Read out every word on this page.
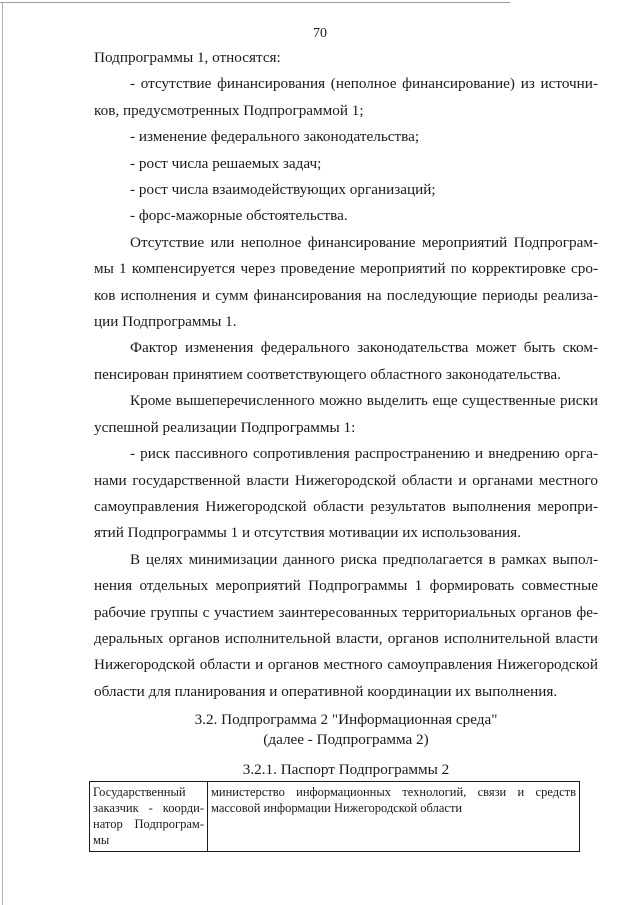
70

Подпрограммы 1, относятся:

- отсутствие финансирования (неполное финансирование) из источников, предусмотренных Подпрограммой 1;

- изменение федерального законодательства;

- рост числа решаемых задач;

- рост числа взаимодействующих организаций;

- форс-мажорные обстоятельства.

Отсутствие или неполное финансирование мероприятий Подпрограммы 1 компенсируется через проведение мероприятий по корректировке сроков исполнения и сумм финансирования на последующие периоды реализации Подпрограммы 1.

Фактор изменения федерального законодательства может быть скомпенсирован принятием соответствующего областного законодательства.

Кроме вышеперечисленного можно выделить еще существенные риски успешной реализации Подпрограммы 1:

- риск пассивного сопротивления распространению и внедрению органами государственной власти Нижегородской области и органами местного самоуправления Нижегородской области результатов выполнения мероприятий Подпрограммы 1 и отсутствия мотивации их использования.

В целях минимизации данного риска предполагается в рамках выполнения отдельных мероприятий Подпрограммы 1 формировать совместные рабочие группы с участием заинтересованных территориальных органов федеральных органов исполнительной власти, органов исполнительной власти Нижегородской области и органов местного самоуправления Нижегородской области для планирования и оперативной координации их выполнения.

3.2. Подпрограмма 2 "Информационная среда"
(далее - Подпрограмма 2)
3.2.1. Паспорт Подпрограммы 2
Государственный заказчик - координатор Подпрограммы	министерство информационных технологий, связи и средств массовой информации Нижегородской области
